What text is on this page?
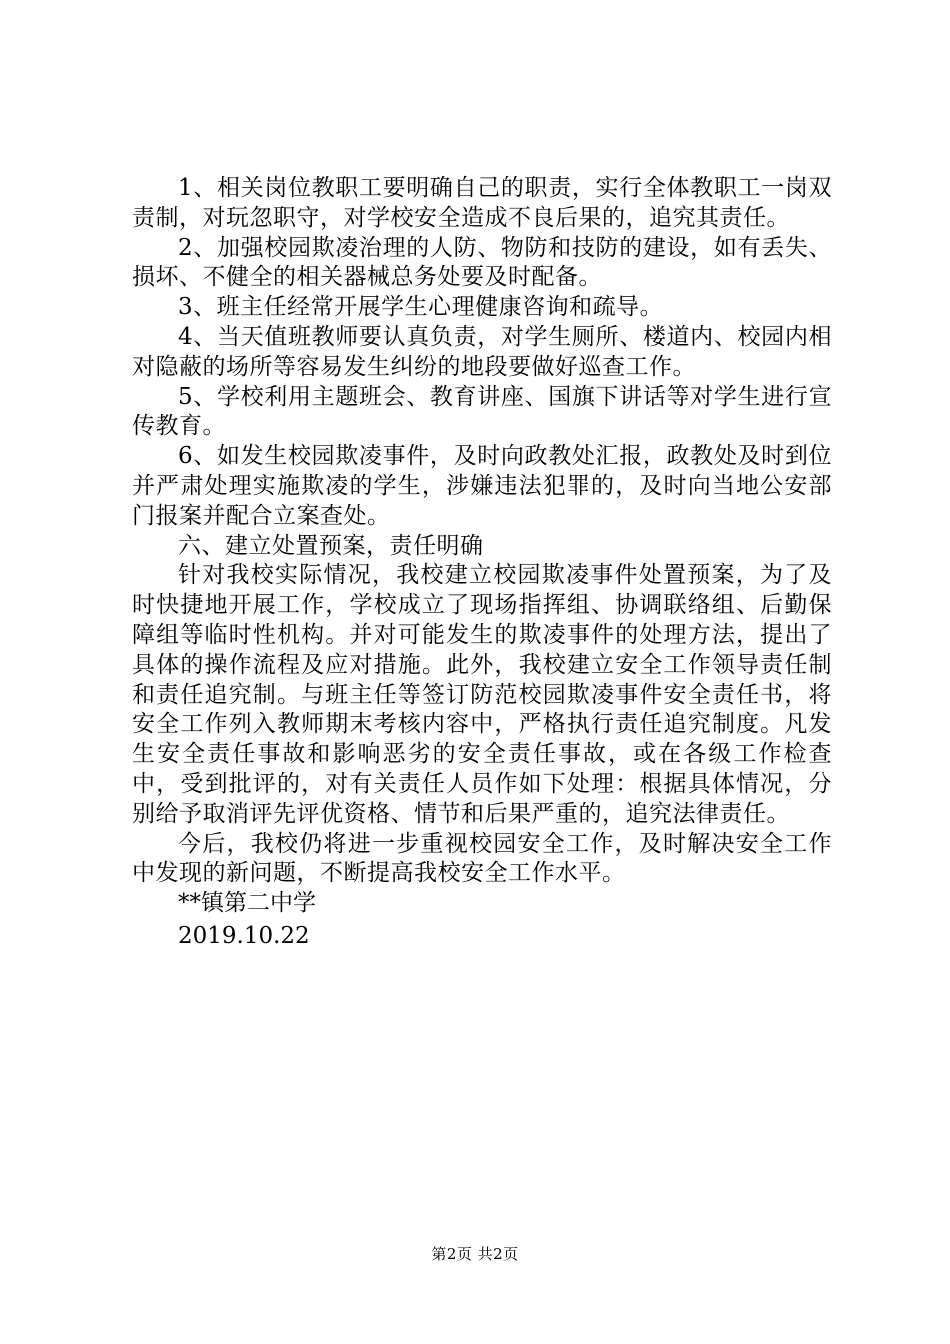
1、相关岗位教职工要明确自己的职责，实行全体教职工一岗双责制，对玩忽职守，对学校安全造成不良后果的，追究其责任。

2、加强校园欺凌治理的人防、物防和技防的建设，如有丢失、损坏、不健全的相关器械总务处要及时配备。

3、班主任经常开展学生心理健康咨询和疏导。

4、当天值班教师要认真负责，对学生厕所、楼道内、校园内相对隐蔽的场所等容易发生纠纷的地段要做好巡查工作。

5、学校利用主题班会、教育讲座、国旗下讲话等对学生进行宣传教育。

6、如发生校园欺凌事件，及时向政教处汇报，政教处及时到位并严肃处理实施欺凌的学生，涉嫌违法犯罪的，及时向当地公安部门报案并配合立案查处。

六、建立处置预案，责任明确

针对我校实际情况，我校建立校园欺凌事件处置预案，为了及时快捷地开展工作，学校成立了现场指挥组、协调联络组、后勤保障组等临时性机构。并对可能发生的欺凌事件的处理方法，提出了具体的操作流程及应对措施。此外，我校建立安全工作领导责任制和责任追究制。与班主任等签订防范校园欺凌事件安全责任书，将安全工作列入教师期末考核内容中，严格执行责任追究制度。凡发生安全责任事故和影响恶劣的安全责任事故，或在各级工作检查中，受到批评的，对有关责任人员作如下处理：根据具体情况，分别给予取消评先评优资格、情节和后果严重的，追究法律责任。

今后，我校仍将进一步重视校园安全工作，及时解决安全工作中发现的新问题，不断提高我校安全工作水平。

**镇第二中学

2019.10.22

第2页 共2页
